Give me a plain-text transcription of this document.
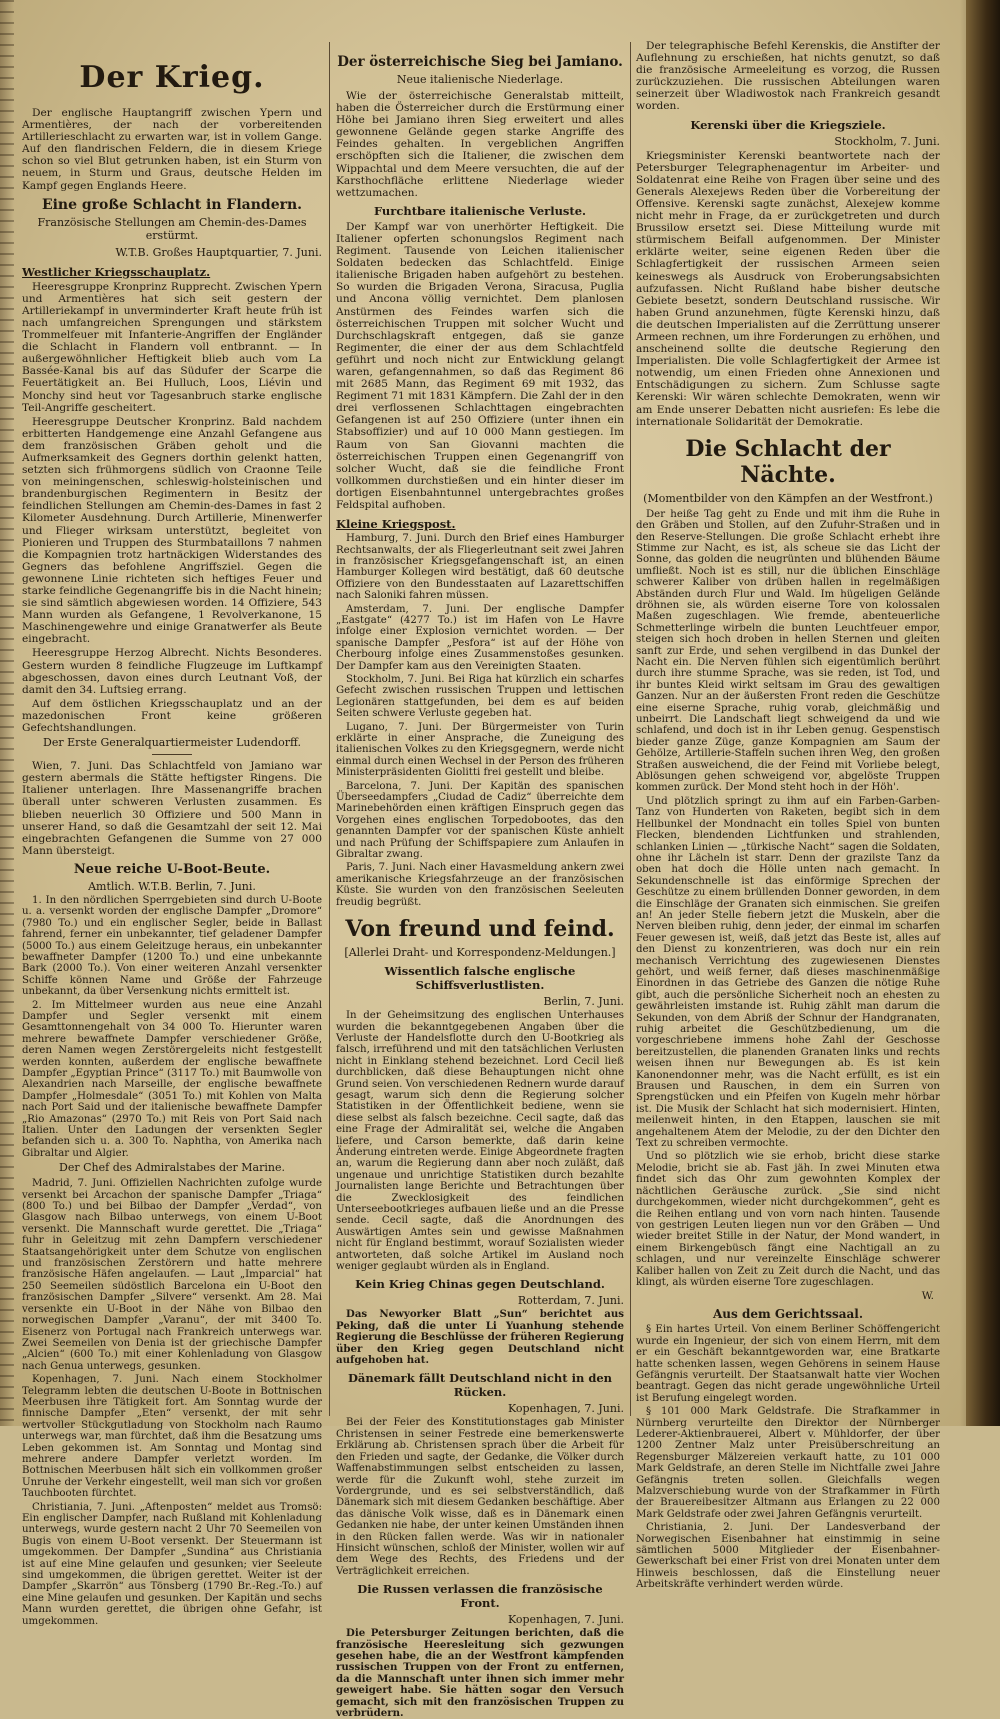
Der Krieg.

Der englische Hauptangriff zwischen Ypern und Armentières, der nach der vorbereitenden Artillerieschlacht zu erwarten war, ist in vollem Gange. Auf den flandrischen Feldern, die in diesem Kriege schon so viel Blut getrunken haben, ist ein Sturm von neuem, in Sturm und Graus, deutsche Helden im Kampf gegen Englands Heere.

Eine große Schlacht in Flandern.
Französische Stellungen am Chemin-des-Dames erstürmt.
W.T.B. Großes Hauptquartier, 7. Juni.
Westlicher Kriegsschauplatz.

Heeresgruppe Kronprinz Rupprecht. Zwischen Ypern und Armentières hat sich seit gestern der Artilleriekampf in unverminderter Kraft heute früh ist nach umfangreichen Sprengungen und stärkstem Trommelfeuer mit Infanterie-Angriffen der Engländer die Schlacht in Flandern voll entbrannt. — In außergewöhnlicher Heftigkeit blieb auch vom La Bassée-Kanal bis auf das Südufer der Scarpe die Feuertätigkeit an. Bei Hulluch, Loos, Liévin und Monchy sind heut vor Tagesanbruch starke englische Teil-Angriffe gescheitert.

Heeresgruppe Deutscher Kronprinz. Bald nachdem erbitterten Handgemenge eine Anzahl Gefangene aus dem französischen Gräben geholt und die Aufmerksamkeit des Gegners dorthin gelenkt hatten, setzten sich frühmorgens südlich von Craonne Teile von meiningenschen, schleswig-holsteinischen und brandenburgischen Regimentern in Besitz der feindlichen Stellungen am Chemin-des-Dames in fast 2 Kilometer Ausdehnung. Durch Artillerie, Minenwerfer und Flieger wirksam unterstützt, begleitet von Pionieren und Truppen des Sturmbataillons 7 nahmen die Kompagnien trotz hartnäckigen Widerstandes des Gegners das befohlene Angriffsziel. Gegen die gewonnene Linie richteten sich heftiges Feuer und starke feindliche Gegenangriffe bis in die Nacht hinein; sie sind sämtlich abgewiesen worden. 14 Offiziere, 543 Mann wurden als Gefangene, 1 Revolverkanone, 15 Maschinengewehre und einige Granatwerfer als Beute eingebracht.

Heeresgruppe Herzog Albrecht. Nichts Besonderes. Gestern wurden 8 feindliche Flugzeuge im Luftkampf abgeschossen, davon eines durch Leutnant Voß, der damit den 34. Luftsieg errang.

Auf dem östlichen Kriegsschauplatz und an der mazedonischen Front keine größeren Gefechtshandlungen.

Der Erste Generalquartiermeister Ludendorff.

Wien, 7. Juni. Das Schlachtfeld von Jamiano war gestern abermals die Stätte heftigster Ringens. Die Italiener unterlagen. Ihre Massenangriffe brachen überall unter schweren Verlusten zusammen. Es blieben neuerlich 30 Offiziere und 500 Mann in unserer Hand, so daß die Gesamtzahl der seit 12. Mai eingebrachten Gefangenen die Summe von 27 000 Mann übersteigt.

Neue reiche U-Boot-Beute.
Amtlich. W.T.B. Berlin, 7. Juni.

1. In den nördlichen Sperrgebieten sind durch U-Boote u. a. versenkt worden der englische Dampfer „Dromore“ (7980 To.) und ein englischer Segler, beide in Ballast fahrend, ferner ein unbekannter, tief geladener Dampfer (5000 To.) aus einem Geleitzuge heraus, ein unbekannter bewaffneter Dampfer (1200 To.) und eine unbekannte Bark (2000 To.). Von einer weiteren Anzahl versenkter Schiffe können Name und Größe der Fahrzeuge unbekannt, da über Versenkung nichts ermittelt ist.

2. Im Mittelmeer wurden aus neue eine Anzahl Dampfer und Segler versenkt mit einem Gesamttonnengehalt von 34 000 To. Hierunter waren mehrere bewaffnete Dampfer verschiedener Größe, deren Namen wegen Zerstörergeleits nicht festgestellt werden konnten, außerdem der englische bewaffnete Dampfer „Egyptian Prince“ (3117 To.) mit Baumwolle von Alexandrien nach Marseille, der englische bewaffnete Dampfer „Holmesdale“ (3051 To.) mit Kohlen von Malta nach Port Said und der italienische bewaffnete Dampfer „Rio Amazonas“ (2970 To.) mit Reis von Port Said nach Italien. Unter den Ladungen der versenkten Segler befanden sich u. a. 300 To. Naphtha, von Amerika nach Gibraltar und Algier.

Der Chef des Admiralstabes der Marine.

Madrid, 7. Juni. Offiziellen Nachrichten zufolge wurde versenkt bei Arcachon der spanische Dampfer „Triaga“ (800 To.) und bei Bilbao der Dampfer „Verdad“, von Glasgow nach Bilbao unterwegs, von einem U-Boot versenkt. Die Mannschaft wurde gerettet. Die „Triaga“ fuhr in Geleitzug mit zehn Dampfern verschiedener Staatsangehörigkeit unter dem Schutze von englischen und französischen Zerstörern und hatte mehrere französische Häfen angelaufen. — Laut „Imparcial“ hat 250 Seemeilen südöstlich Barcelona ein U-Boot den französischen Dampfer „Silvere“ versenkt. Am 28. Mai versenkte ein U-Boot in der Nähe von Bilbao den norwegischen Dampfer „Varanu“, der mit 3400 To. Eisenerz von Portugal nach Frankreich unterwegs war. Zwei Seemeilen von Denia ist der griechische Dampfer „Alcien“ (600 To.) mit einer Kohlenladung von Glasgow nach Genua unterwegs, gesunken.

Kopenhagen, 7. Juni. Nach einem Stockholmer Telegramm lebten die deutschen U-Boote in Bottnischen Meerbusen ihre Tätigkeit fort. Am Sonntag wurde der finnische Dampfer „Eten“ versenkt, der mit sehr wertvoller Stückgutladung von Stockholm nach Raumo unterwegs war, man fürchtet, daß ihm die Besatzung ums Leben gekommen ist. Am Sonntag und Montag sind mehrere andere Dampfer verletzt worden. Im Bottnischen Meerbusen hält sich ein vollkommen großer Unruhe der Verkehr eingestellt, weil man sich vor großen Tauchbooten fürchtet.

Christiania, 7. Juni. „Aftenposten“ meldet aus Tromsö: Ein englischer Dampfer, nach Rußland mit Kohlenladung unterwegs, wurde gestern nacht 2 Uhr 70 Seemeilen von Bugis von einem U-Boot versenkt. Der Steuermann ist umgekommen. Der Dampfer „Sundina“ aus Christiania ist auf eine Mine gelaufen und gesunken; vier Seeleute sind umgekommen, die übrigen gerettet. Weiter ist der Dampfer „Skarrön“ aus Tönsberg (1790 Br.-Reg.-To.) auf eine Mine gelaufen und gesunken. Der Kapitän und sechs Mann wurden gerettet, die übrigen ohne Gefahr, ist umgekommen.

Der österreichische Sieg bei Jamiano.
Neue italienische Niederlage.

Wie der österreichische Generalstab mitteilt, haben die Österreicher durch die Erstürmung einer Höhe bei Jamiano ihren Sieg erweitert und alles gewonnene Gelände gegen starke Angriffe des Feindes gehalten. In vergeblichen Angriffen erschöpften sich die Italiener, die zwischen dem Wippachtal und dem Meere versuchten, die auf der Karsthochfläche erlittene Niederlage wieder wettzumachen.

Furchtbare italienische Verluste.

Der Kampf war von unerhörter Heftigkeit. Die Italiener opferten schonungslos Regiment nach Regiment. Tausende von Leichen italienischer Soldaten bedecken das Schlachtfeld. Einige italienische Brigaden haben aufgehört zu bestehen. So wurden die Brigaden Verona, Siracusa, Puglia und Ancona völlig vernichtet. Dem planlosen Anstürmen des Feindes warfen sich die österreichischen Truppen mit solcher Wucht und Durchschlagskraft entgegen, daß sie ganze Regimenter, die einer der aus dem Schlachtfeld geführt und noch nicht zur Entwicklung gelangt waren, gefangennahmen, so daß das Regiment 86 mit 2685 Mann, das Regiment 69 mit 1932, das Regiment 71 mit 1831 Kämpfern. Die Zahl der in den drei verflossenen Schlachttagen eingebrachten Gefangenen ist auf 250 Offiziere (unter ihnen ein Stabsoffizier) und auf 10 000 Mann gestiegen. Im Raum von San Giovanni machten die österreichischen Truppen einen Gegenangriff von solcher Wucht, daß sie die feindliche Front vollkommen durchstießen und ein hinter dieser im dortigen Eisenbahntunnel untergebrachtes großes Feldspital aufhoben.

Kleine Kriegspost.

Hamburg, 7. Juni. Durch den Brief eines Hamburger Rechtsanwalts, der als Fliegerleutnant seit zwei Jahren in französischer Kriegsgefangenschaft ist, an einen Hamburger Kollegen wird bestätigt, daß 60 deutsche Offiziere von den Bundesstaaten auf Lazarettschiffen nach Saloniki fahren müssen.

Amsterdam, 7. Juni. Der englische Dampfer „Eastgate“ (4277 To.) ist im Hafen von Le Havre infolge einer Explosion vernichtet worden. — Der spanische Dampfer „Pesfora“ ist auf der Höhe von Cherbourg infolge eines Zusammenstoßes gesunken. Der Dampfer kam aus den Vereinigten Staaten.

Stockholm, 7. Juni. Bei Riga hat kürzlich ein scharfes Gefecht zwischen russischen Truppen und lettischen Legionären stattgefunden, bei dem es auf beiden Seiten schwere Verluste gegeben hat.

Lugano, 7. Juni. Der Bürgermeister von Turin erklärte in einer Ansprache, die Zuneigung des italienischen Volkes zu den Kriegsgegnern, werde nicht einmal durch einen Wechsel in der Person des früheren Ministerpräsidenten Giolitti frei gestellt und bleibe.

Barcelona, 7. Juni. Der Kapitän des spanischen Überseedampfers „Ciudad de Cadiz“ überreichte dem Marinebehörden einen kräftigen Einspruch gegen das Vorgehen eines englischen Torpedobootes, das den genannten Dampfer vor der spanischen Küste anhielt und nach Prüfung der Schiffspapiere zum Anlaufen in Gibraltar zwang.

Paris, 7. Juni. Nach einer Havasmeldung ankern zwei amerikanische Kriegsfahrzeuge an der französischen Küste. Sie wurden von den französischen Seeleuten freudig begrüßt.

Von freund und feind.
[Allerlei Draht- und Korrespondenz-Meldungen.]
Wissentlich falsche englische Schiffsverlustlisten.
Berlin, 7. Juni.

In der Geheimsitzung des englischen Unterhauses wurden die bekanntgegebenen Angaben über die Verluste der Handelsflotte durch den U-Bootkrieg als falsch, irreführend und mit den tatsächlichen Verlusten nicht in Einklang stehend bezeichnet. Lord Cecil ließ durchblicken, daß diese Behauptungen nicht ohne Grund seien. Von verschiedenen Rednern wurde darauf gesagt, warum sich denn die Regierung solcher Statistiken in der Öffentlichkeit bediene, wenn sie diese selbst als falsch bezeichne. Cecil sagte, daß das eine Frage der Admiralität sei, welche die Angaben liefere, und Carson bemerkte, daß darin keine Änderung eintreten werde. Einige Abgeordnete fragten an, warum die Regierung dann aber noch zuläßt, daß ungenaue und unrichtige Statistiken durch bezahlte Journalisten lange Berichte und Betrachtungen über die Zwecklosigkeit des feindlichen Unterseebootkrieges aufbauen ließe und an die Presse sende. Cecil sagte, daß die Anordnungen des Auswärtigen Amtes sein und gewisse Maßnahmen nicht für England bestimmt, worauf Sozialisten wieder antworteten, daß solche Artikel im Ausland noch weniger geglaubt würden als in England.

Kein Krieg Chinas gegen Deutschland.
Rotterdam, 7. Juni.

Das Newyorker Blatt „Sun“ berichtet aus Peking, daß die unter Li Yuanhung stehende Regierung die Beschlüsse der früheren Regierung über den Krieg gegen Deutschland nicht aufgehoben hat.

Dänemark fällt Deutschland nicht in den Rücken.
Kopenhagen, 7. Juni.

Bei der Feier des Konstitutionstages gab Minister Christensen in seiner Festrede eine bemerkenswerte Erklärung ab. Christensen sprach über die Arbeit für den Frieden und sagte, der Gedanke, die Völker durch Waffenabstimmungen selbst entscheiden zu lassen, werde für die Zukunft wohl, stehe zurzeit im Vordergrunde, und es sei selbstverständlich, daß Dänemark sich mit diesem Gedanken beschäftige. Aber das dänische Volk wisse, daß es in Dänemark einen Gedanken nie habe, der unter keinen Umständen ihnen in den Rücken fallen werde. Was wir in nationaler Hinsicht wünschen, schloß der Minister, wollen wir auf dem Wege des Rechts, des Friedens und der Verträglichkeit erreichen.

Die Russen verlassen die französische Front.
Kopenhagen, 7. Juni.

Die Petersburger Zeitungen berichten, daß die französische Heeresleitung sich gezwungen gesehen habe, die an der Westfront kämpfenden russischen Truppen von der Front zu entfernen, da die Mannschaft unter ihnen sich immer mehr geweigert habe. Sie hätten sogar den Versuch gemacht, sich mit den französischen Truppen zu verbrüdern.

Der telegraphische Befehl Kerenskis, die Anstifter der Auflehnung zu erschießen, hat nichts genutzt, so daß die französische Armeeleitung es vorzog, die Russen zurückzuziehen. Die russischen Abteilungen waren seinerzeit über Wladiwostok nach Frankreich gesandt worden.

Kerenski über die Kriegsziele.
Stockholm, 7. Juni.

Kriegsminister Kerenski beantwortete nach der Petersburger Telegraphenagentur im Arbeiter- und Soldatenrat eine Reihe von Fragen über seine und des Generals Alexejews Reden über die Vorbereitung der Offensive. Kerenski sagte zunächst, Alexejew komme nicht mehr in Frage, da er zurückgetreten und durch Brussilow ersetzt sei. Diese Mitteilung wurde mit stürmischem Beifall aufgenommen. Der Minister erklärte weiter, seine eigenen Reden über die Schlagfertigkeit der russischen Armeen seien keineswegs als Ausdruck von Eroberungsabsichten aufzufassen. Nicht Rußland habe bisher deutsche Gebiete besetzt, sondern Deutschland russische. Wir haben Grund anzunehmen, fügte Kerenski hinzu, daß die deutschen Imperialisten auf die Zerrüttung unserer Armeen rechnen, um ihre Forderungen zu erhöhen, und anscheinend sollte die deutsche Regierung den Imperialisten. Die volle Schlagfertigkeit der Armee ist notwendig, um einen Frieden ohne Annexionen und Entschädigungen zu sichern. Zum Schlusse sagte Kerenski: Wir wären schlechte Demokraten, wenn wir am Ende unserer Debatten nicht ausriefen: Es lebe die internationale Solidarität der Demokratie.

Die Schlacht der Nächte.
(Momentbilder von den Kämpfen an der Westfront.)

Der heiße Tag geht zu Ende und mit ihm die Ruhe in den Gräben und Stollen, auf den Zufuhr-Straßen und in den Reserve-Stellungen. Die große Schlacht erhebt ihre Stimme zur Nacht, es ist, als scheue sie das Licht der Sonne, das golden die neugrünten und blühenden Bäume umfließt. Noch ist es still, nur die üblichen Einschläge schwerer Kaliber von drüben hallen in regelmäßigen Abständen durch Flur und Wald. Im hügeligen Gelände dröhnen sie, als würden eiserne Tore von kolossalen Maßen zugeschlagen. Wie fremde, abenteuerliche Schmetterlinge wirbeln die bunten Leuchtfeuer empor, steigen sich hoch droben in hellen Sternen und gleiten sanft zur Erde, und sehen vergilbend in das Dunkel der Nacht ein. Die Nerven fühlen sich eigentümlich berührt durch ihre stumme Sprache, was sie reden, ist Tod, und ihr buntes Kleid wirkt seltsam im Grau des gewaltigen Ganzen. Nur an der äußersten Front reden die Geschütze eine eiserne Sprache, ruhig vorab, gleichmäßig und unbeirrt. Die Landschaft liegt schweigend da und wie schlafend, und doch ist in ihr Leben genug. Gespenstisch bieder ganze Züge, ganze Kompagnien am Saum der Gehölze, Artillerie-Staffeln suchen ihren Weg, den großen Straßen ausweichend, die der Feind mit Vorliebe belegt, Ablösungen gehen schweigend vor, abgelöste Truppen kommen zurück. Der Mond steht hoch in der Höh'.

Und plötzlich springt zu ihm auf ein Farben-Garben-Tanz von Hunderten von Raketen, begibt sich in dem Hellbunkel der Mondnacht ein tolles Spiel von bunten Flecken, blendenden Lichtfunken und strahlenden, schlanken Linien — „türkische Nacht“ sagen die Soldaten, ohne ihr Lächeln ist starr. Denn der grazilste Tanz da oben hat doch die Hölle unten nach gemacht. In Sekundenschnelle ist das einförmige Sprechen der Geschütze zu einem brüllenden Donner geworden, in dem die Einschläge der Granaten sich einmischen. Sie greifen an! An jeder Stelle fiebern jetzt die Muskeln, aber die Nerven bleiben ruhig, denn jeder, der einmal im scharfen Feuer gewesen ist, weiß, daß jetzt das Beste ist, alles auf den Dienst zu konzentrieren, was doch nur ein rein mechanisch Verrichtung des zugewiesenen Dienstes gehört, und weiß ferner, daß dieses maschinenmäßige Einordnen in das Getriebe des Ganzen die nötige Ruhe gibt, auch die persönliche Sicherheit noch an ehesten zu gewährleisten imstande ist. Ruhig zählt man darum die Sekunden, von dem Abriß der Schnur der Handgranaten, ruhig arbeitet die Geschützbedienung, um die vorgeschriebene immens hohe Zahl der Geschosse bereitzustellen, die planenden Granaten links und rechts weisen ihnen nur Bewegungen ab. Es ist kein Kanonendonner mehr, was die Nacht erfüllt, es ist ein Brausen und Rauschen, in dem ein Surren von Sprengstücken und ein Pfeifen von Kugeln mehr hörbar ist. Die Musik der Schlacht hat sich modernisiert. Hinten, meilenweit hinten, in den Etappen, lauschen sie mit angehaltenem Atem der Melodie, zu der den Dichter den Text zu schreiben vermochte.

Und so plötzlich wie sie erhob, bricht diese starke Melodie, bricht sie ab. Fast jäh. In zwei Minuten etwa findet sich das Ohr zum gewohnten Komplex der nächtlichen Geräusche zurück. „Sie sind nicht durchgekommen, wieder nicht durchgekommen“, geht es die Reihen entlang und von vorn nach hinten. Tausende von gestrigen Leuten liegen nun vor den Gräben — Und wieder breitet Stille in der Natur, der Mond wandert, in einem Birkengebüsch fängt eine Nachtigall an zu schlagen, und nur vereinzelte Einschläge schwerer Kaliber hallen von Zeit zu Zeit durch die Nacht, und das klingt, als würden eiserne Tore zugeschlagen.

W.
Aus dem Gerichtssaal.

§ Ein hartes Urteil. Von einem Berliner Schöffengericht wurde ein Ingenieur, der sich von einem Herrn, mit dem er ein Geschäft bekanntgeworden war, eine Bratkarte hatte schenken lassen, wegen Gehörens in seinem Hause Gefängnis verurteilt. Der Staatsanwalt hatte vier Wochen beantragt. Gegen das nicht gerade ungewöhnliche Urteil ist Berufung eingelegt worden.

§ 101 000 Mark Geldstrafe. Die Strafkammer in Nürnberg verurteilte den Direktor der Nürnberger Lederer-Aktienbrauerei, Albert v. Mühldorfer, der über 1200 Zentner Malz unter Preisüberschreitung an Regensburger Mälzereien verkauft hatte, zu 101 000 Mark Geldstrafe, an deren Stelle im Nichtfalle zwei Jahre Gefängnis treten sollen. Gleichfalls wegen Malzverschiebung wurde von der Strafkammer in Fürth der Brauereibesitzer Altmann aus Erlangen zu 22 000 Mark Geldstrafe oder zwei Jahren Gefängnis verurteilt.

Christiania, 2. Juni. Der Landesverband der Norwegischen Eisenbahner hat einstimmig in seine sämtlichen 5000 Mitglieder der Eisenbahner-Gewerkschaft bei einer Frist von drei Monaten unter dem Hinweis beschlossen, daß die Einstellung neuer Arbeitskräfte verhindert werden würde.
